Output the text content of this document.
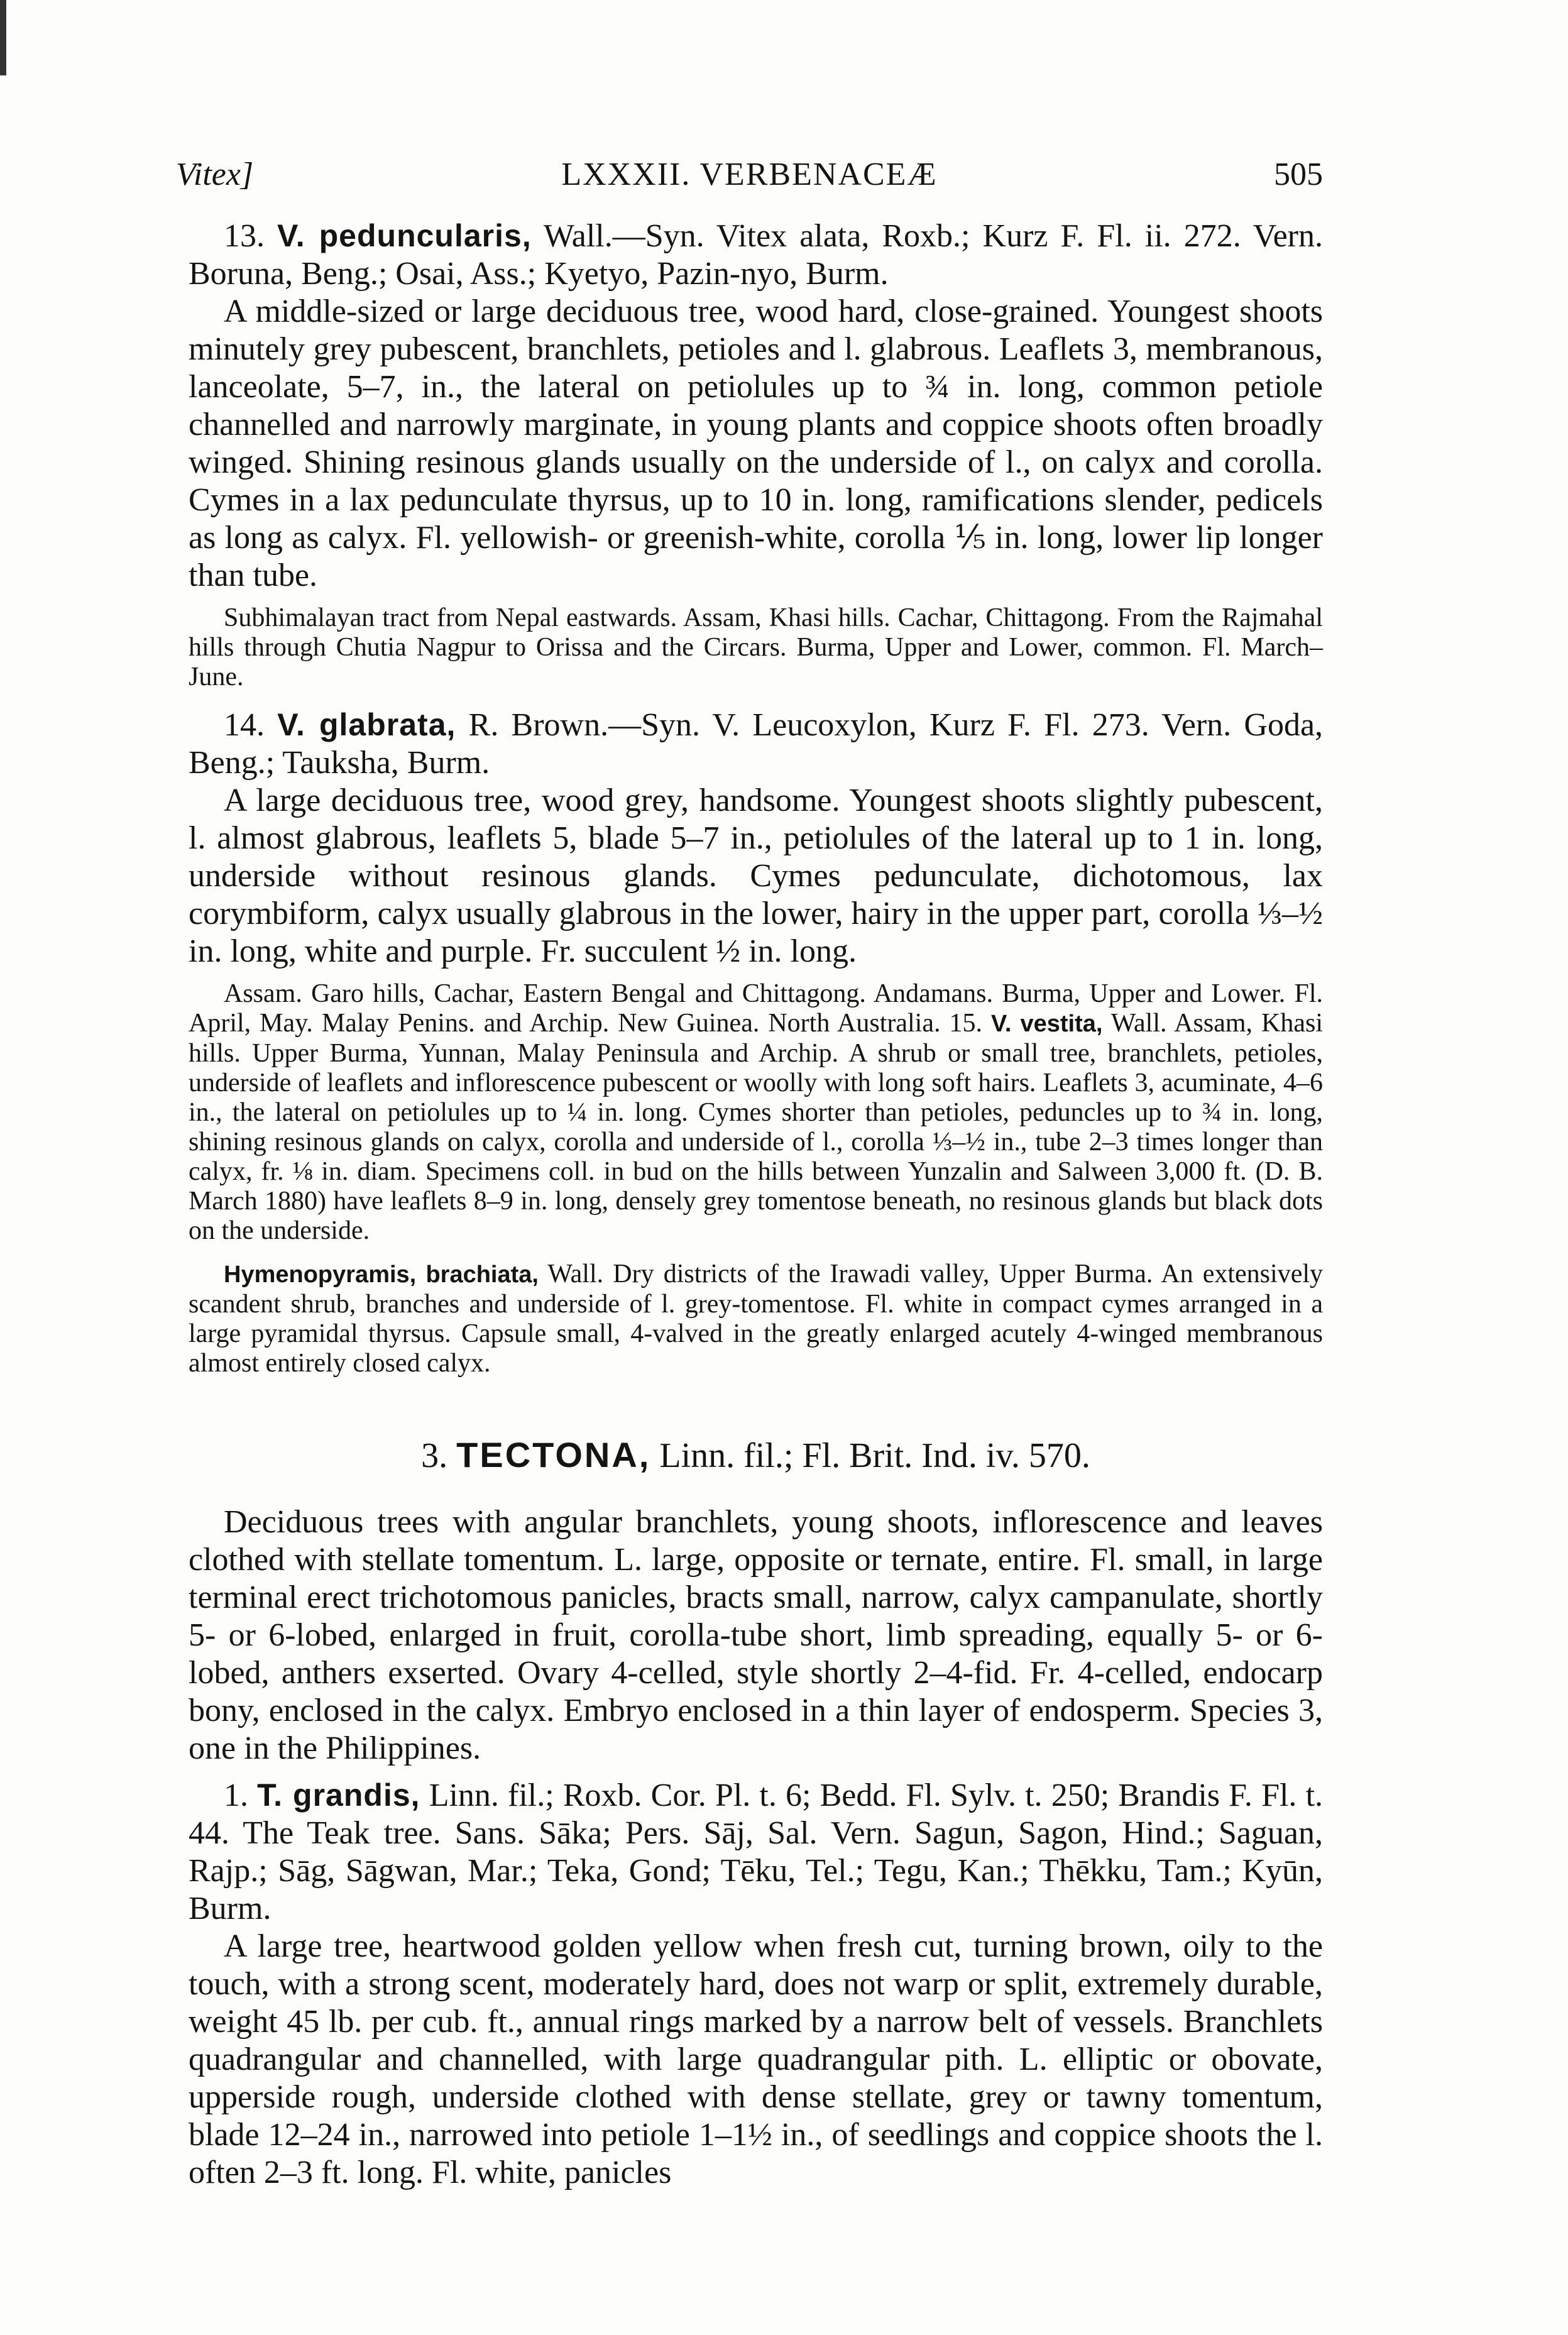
Vitex]	LXXXII. VERBENACEÆ	505

13. V. peduncularis, Wall.—Syn. Vitex alata, Roxb.; Kurz F. Fl. ii. 272. Vern. Boruna, Beng.; Osai, Ass.; Kyetyo, Pazin-nyo, Burm.

A middle-sized or large deciduous tree, wood hard, close-grained. Youngest shoots minutely grey pubescent, branchlets, petioles and l. glabrous. Leaflets 3, membranous, lanceolate, 5–7, in., the lateral on petiolules up to ¾ in. long, common petiole channelled and narrowly marginate, in young plants and coppice shoots often broadly winged. Shining resinous glands usually on the underside of l., on calyx and corolla. Cymes in a lax pedunculate thyrsus, up to 10 in. long, ramifications slender, pedicels as long as calyx. Fl. yellowish- or greenish-white, corolla ⅕ in. long, lower lip longer than tube.

Subhimalayan tract from Nepal eastwards. Assam, Khasi hills. Cachar, Chittagong. From the Rajmahal hills through Chutia Nagpur to Orissa and the Circars. Burma, Upper and Lower, common. Fl. March–June.

14. V. glabrata, R. Brown.—Syn. V. Leucoxylon, Kurz F. Fl. 273. Vern. Goda, Beng.; Tauksha, Burm.

A large deciduous tree, wood grey, handsome. Youngest shoots slightly pubescent, l. almost glabrous, leaflets 5, blade 5–7 in., petiolules of the lateral up to 1 in. long, underside without resinous glands. Cymes pedunculate, dichotomous, lax corymbiform, calyx usually glabrous in the lower, hairy in the upper part, corolla ⅓–½ in. long, white and purple. Fr. succulent ½ in. long.

Assam. Garo hills, Cachar, Eastern Bengal and Chittagong. Andamans. Burma, Upper and Lower. Fl. April, May. Malay Penins. and Archip. New Guinea. North Australia. 15. V. vestita, Wall. Assam, Khasi hills. Upper Burma, Yunnan, Malay Peninsula and Archip. A shrub or small tree, branchlets, petioles, underside of leaflets and inflorescence pubescent or woolly with long soft hairs. Leaflets 3, acuminate, 4–6 in., the lateral on petiolules up to ¼ in. long. Cymes shorter than petioles, peduncles up to ¾ in. long, shining resinous glands on calyx, corolla and underside of l., corolla ⅓–½ in., tube 2–3 times longer than calyx, fr. ⅛ in. diam. Specimens coll. in bud on the hills between Yunzalin and Salween 3,000 ft. (D. B. March 1880) have leaflets 8–9 in. long, densely grey tomentose beneath, no resinous glands but black dots on the underside.

Hymenopyramis, brachiata, Wall. Dry districts of the Irawadi valley, Upper Burma. An extensively scandent shrub, branches and underside of l. grey-tomentose. Fl. white in compact cymes arranged in a large pyramidal thyrsus. Capsule small, 4-valved in the greatly enlarged acutely 4-winged membranous almost entirely closed calyx.

3. TECTONA, Linn. fil.; Fl. Brit. Ind. iv. 570.

Deciduous trees with angular branchlets, young shoots, inflorescence and leaves clothed with stellate tomentum. L. large, opposite or ternate, entire. Fl. small, in large terminal erect trichotomous panicles, bracts small, narrow, calyx campanulate, shortly 5- or 6-lobed, enlarged in fruit, corolla-tube short, limb spreading, equally 5- or 6-lobed, anthers exserted. Ovary 4-celled, style shortly 2–4-fid. Fr. 4-celled, endocarp bony, enclosed in the calyx. Embryo enclosed in a thin layer of endosperm. Species 3, one in the Philippines.

1. T. grandis, Linn. fil.; Roxb. Cor. Pl. t. 6; Bedd. Fl. Sylv. t. 250; Brandis F. Fl. t. 44. The Teak tree. Sans. Sāka; Pers. Sāj, Sal. Vern. Sagun, Sagon, Hind.; Saguan, Rajp.; Sāg, Sāgwan, Mar.; Teka, Gond; Tēku, Tel.; Tegu, Kan.; Thēkku, Tam.; Kyūn, Burm.

A large tree, heartwood golden yellow when fresh cut, turning brown, oily to the touch, with a strong scent, moderately hard, does not warp or split, extremely durable, weight 45 lb. per cub. ft., annual rings marked by a narrow belt of vessels. Branchlets quadrangular and channelled, with large quadrangular pith. L. elliptic or obovate, upperside rough, underside clothed with dense stellate, grey or tawny tomentum, blade 12–24 in., narrowed into petiole 1–1½ in., of seedlings and coppice shoots the l. often 2–3 ft. long. Fl. white, panicles
